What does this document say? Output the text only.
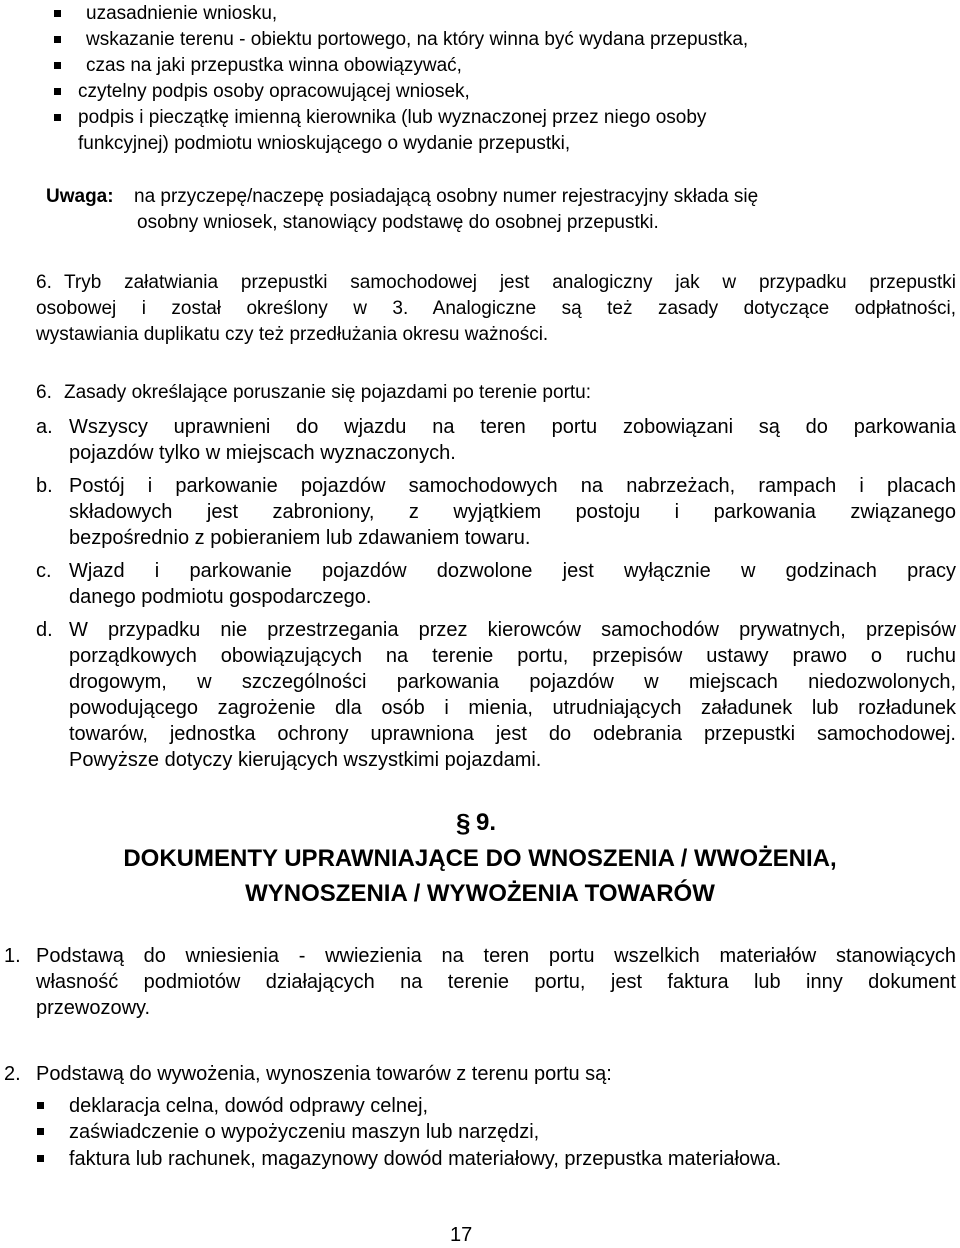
uzasadnienie wniosku,
wskazanie terenu - obiektu portowego, na który winna być wydana przepustka,
czas na jaki przepustka winna obowiązywać,
czytelny podpis osoby opracowującej wniosek,
podpis i pieczątkę imienną kierownika (lub wyznaczonej przez niego osoby
funkcyjnej) podmiotu wnioskującego o wydanie przepustki,
Uwaga: na przyczepę/naczepę posiadającą osobny numer rejestracyjny składa się
osobny wniosek, stanowiący podstawę do osobnej przepustki.
6. Tryb załatwiania przepustki samochodowej jest analogiczny jak w przypadku przepustki
osobowej i został określony w 3. Analogiczne są też zasady dotyczące odpłatności,
wystawiania duplikatu czy też przedłużania okresu ważności.
6. Zasady określające poruszanie się pojazdami po terenie portu:
a. Wszyscy uprawnieni do wjazdu na teren portu zobowiązani są do parkowania
pojazdów tylko w miejscach wyznaczonych.
b. Postój i parkowanie pojazdów samochodowych na nabrzeżach, rampach i placach
składowych jest zabroniony, z wyjątkiem postoju i parkowania związanego
bezpośrednio z pobieraniem lub zdawaniem towaru.
c. Wjazd i parkowanie pojazdów dozwolone jest wyłącznie w godzinach pracy
danego podmiotu gospodarczego.
d. W przypadku nie przestrzegania przez kierowców samochodów prywatnych, przepisów
porządkowych obowiązujących na terenie portu, przepisów ustawy prawo o ruchu
drogowym, w szczególności parkowania pojazdów w miejscach niedozwolonych,
powodującego zagrożenie dla osób i mienia, utrudniających załadunek lub rozładunek
towarów, jednostka ochrony uprawniona jest do odebrania przepustki samochodowej.
Powyższe dotyczy kierujących wszystkimi pojazdami.
§ 9.
DOKUMENTY UPRAWNIAJĄCE DO WNOSZENIA / WWOŻENIA,
WYNOSZENIA / WYWOŻENIA TOWARÓW
1. Podstawą do wniesienia - wwiezienia na teren portu wszelkich materiałów stanowiących
własność podmiotów działających na terenie portu, jest faktura lub inny dokument
przewozowy.
2. Podstawą do wywożenia, wynoszenia towarów z terenu portu są:
deklaracja celna, dowód odprawy celnej,
zaświadczenie o wypożyczeniu maszyn lub narzędzi,
faktura lub rachunek, magazynowy dowód materiałowy, przepustka materiałowa.
17
